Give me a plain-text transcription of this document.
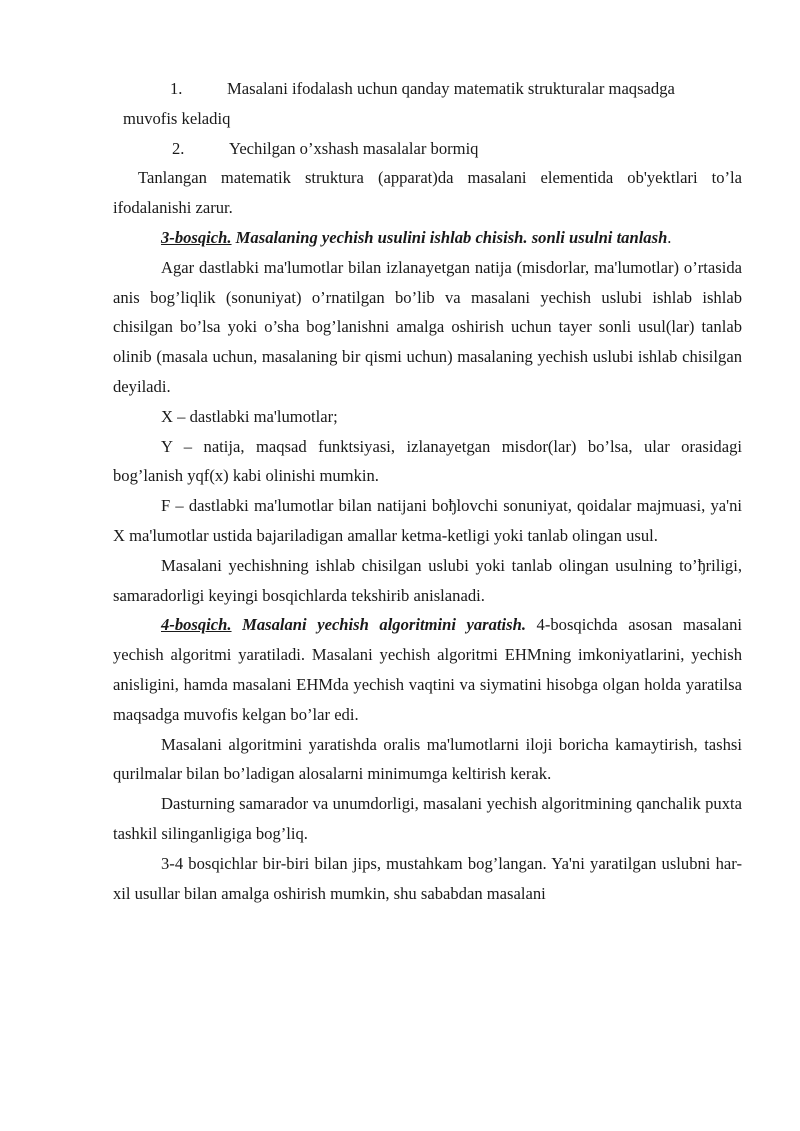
1.	Masalani ifodalash uchun qanday matematik strukturalar maqsadga

muvofis keladiq

2.	Yechilgan o’xshash masalalar bormiq

Tanlangan matematik struktura (apparat)da masalani elementida ob'yektlari to’la ifodalanishi zarur.

3-bosqich. Masalaning yechish usulini ishlab chisish. sonli usulni tanlash.

Agar dastlabki ma'lumotlar bilan izlanayetgan natija (misdorlar, ma'lumotlar) o’rtasida anis bog’liqlik (sonuniyat) o’rnatilgan bo’lib va masalani yechish uslubi ishlab ishlab chisilgan bo’lsa yoki o’sha bog’lanishni amalga oshirish uchun tayer sonli usul(lar) tanlab olinib (masala uchun, masalaning bir qismi uchun) masalaning yechish uslubi ishlab chisilgan deyiladi.

X – dastlabki ma'lumotlar;

Y – natija, maqsad funktsiyasi, izlanayetgan misdor(lar) bo’lsa, ular orasidagi bog’lanish yqf(x) kabi olinishi mumkin.

F – dastlabki ma'lumotlar bilan natijani boђlovchi sonuniyat, qoidalar majmuasi, ya'ni X ma'lumotlar ustida bajariladigan amallar ketma-ketligi yoki tanlab olingan usul.

Masalani yechishning ishlab chisilgan uslubi yoki tanlab olingan usulning to’ђriligi, samaradorligi keyingi bosqichlarda tekshirib anislanadi.

4-bosqich. Masalani yechish algoritmini yaratish. 4-bosqichda asosan masalani yechish algoritmi yaratiladi. Masalani yechish algoritmi EHMning imkoniyatlarini, yechish anisligini, hamda masalani EHMda yechish vaqtini va siymatini hisobga olgan holda yaratilsa maqsadga muvofis kelgan bo’lar edi.

Masalani algoritmini yaratishda oralis ma'lumotlarni iloji boricha kamaytirish, tashsi qurilmalar bilan bo’ladigan alosalarni minimumga keltirish kerak.

Dasturning samarador va unumdorligi, masalani yechish algoritmining qanchalik puxta tashkil silinganligiga bog’liq.

3-4 bosqichlar bir-biri bilan jips, mustahkam bog’langan. Ya'ni yaratilgan uslubni har-xil usullar bilan amalga oshirish mumkin, shu sababdan masalani
